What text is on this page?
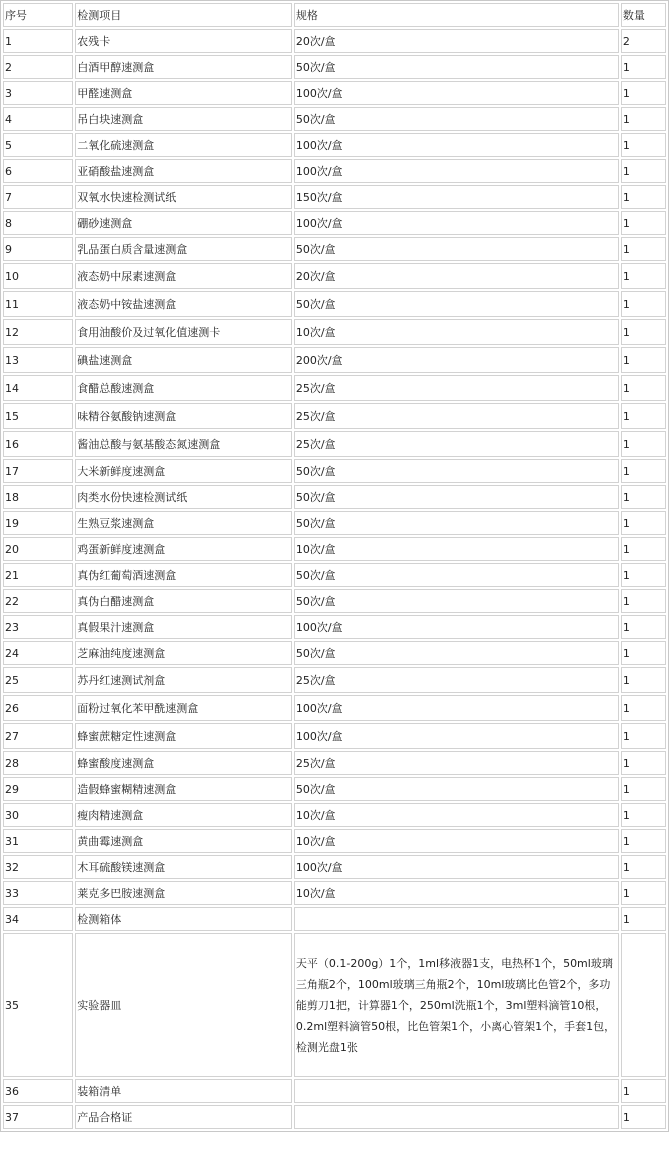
序号	检测项目	规格	数量
1	农残卡	20次/盒	2
2	白酒甲醇速测盒	50次/盒	1
3	甲醛速测盒	100次/盒	1
4	吊白块速测盒	50次/盒	1
5	二氧化硫速测盒	100次/盒	1
6	亚硝酸盐速测盒	100次/盒	1
7	双氧水快速检测试纸	150次/盒	1
8	硼砂速测盒	100次/盒	1
9	乳品蛋白质含量速测盒	50次/盒	1
10	液态奶中尿素速测盒	20次/盒	1
11	液态奶中铵盐速测盒	50次/盒	1
12	食用油酸价及过氧化值速测卡	10次/盒	1
13	碘盐速测盒	200次/盒	1
14	食醋总酸速测盒	25次/盒	1
15	味精谷氨酸钠速测盒	25次/盒	1
16	酱油总酸与氨基酸态氮速测盒	25次/盒	1
17	大米新鲜度速测盒	50次/盒	1
18	肉类水份快速检测试纸	50次/盒	1
19	生熟豆浆速测盒	50次/盒	1
20	鸡蛋新鲜度速测盒	10次/盒	1
21	真伪红葡萄酒速测盒	50次/盒	1
22	真伪白醋速测盒	50次/盒	1
23	真假果汁速测盒	100次/盒	1
24	芝麻油纯度速测盒	50次/盒	1
25	苏丹红速测试剂盒	25次/盒	1
26	面粉过氧化苯甲酰速测盒	100次/盒	1
27	蜂蜜蔗糖定性速测盒	100次/盒	1
28	蜂蜜酸度速测盒	25次/盒	1
29	造假蜂蜜糊精速测盒	50次/盒	1
30	瘦肉精速测盒	10次/盒	1
31	黄曲霉速测盒	10次/盒	1
32	木耳硫酸镁速测盒	100次/盒	1
33	莱克多巴胺速测盒	10次/盒	1
34	检测箱体		1
35	实验器皿	天平（0.1-200g）1个，1ml移液器1支，电热杯1个，50ml玻璃三角瓶2个，100ml玻璃三角瓶2个，10ml玻璃比色管2个，多功能剪刀1把，计算器1个，250ml洗瓶1个，3ml塑料滴管10根，0.2ml塑料滴管50根，比色管架1个，小离心管架1个，手套1包，检测光盘1张	
36	装箱清单		1
37	产品合格证		1
